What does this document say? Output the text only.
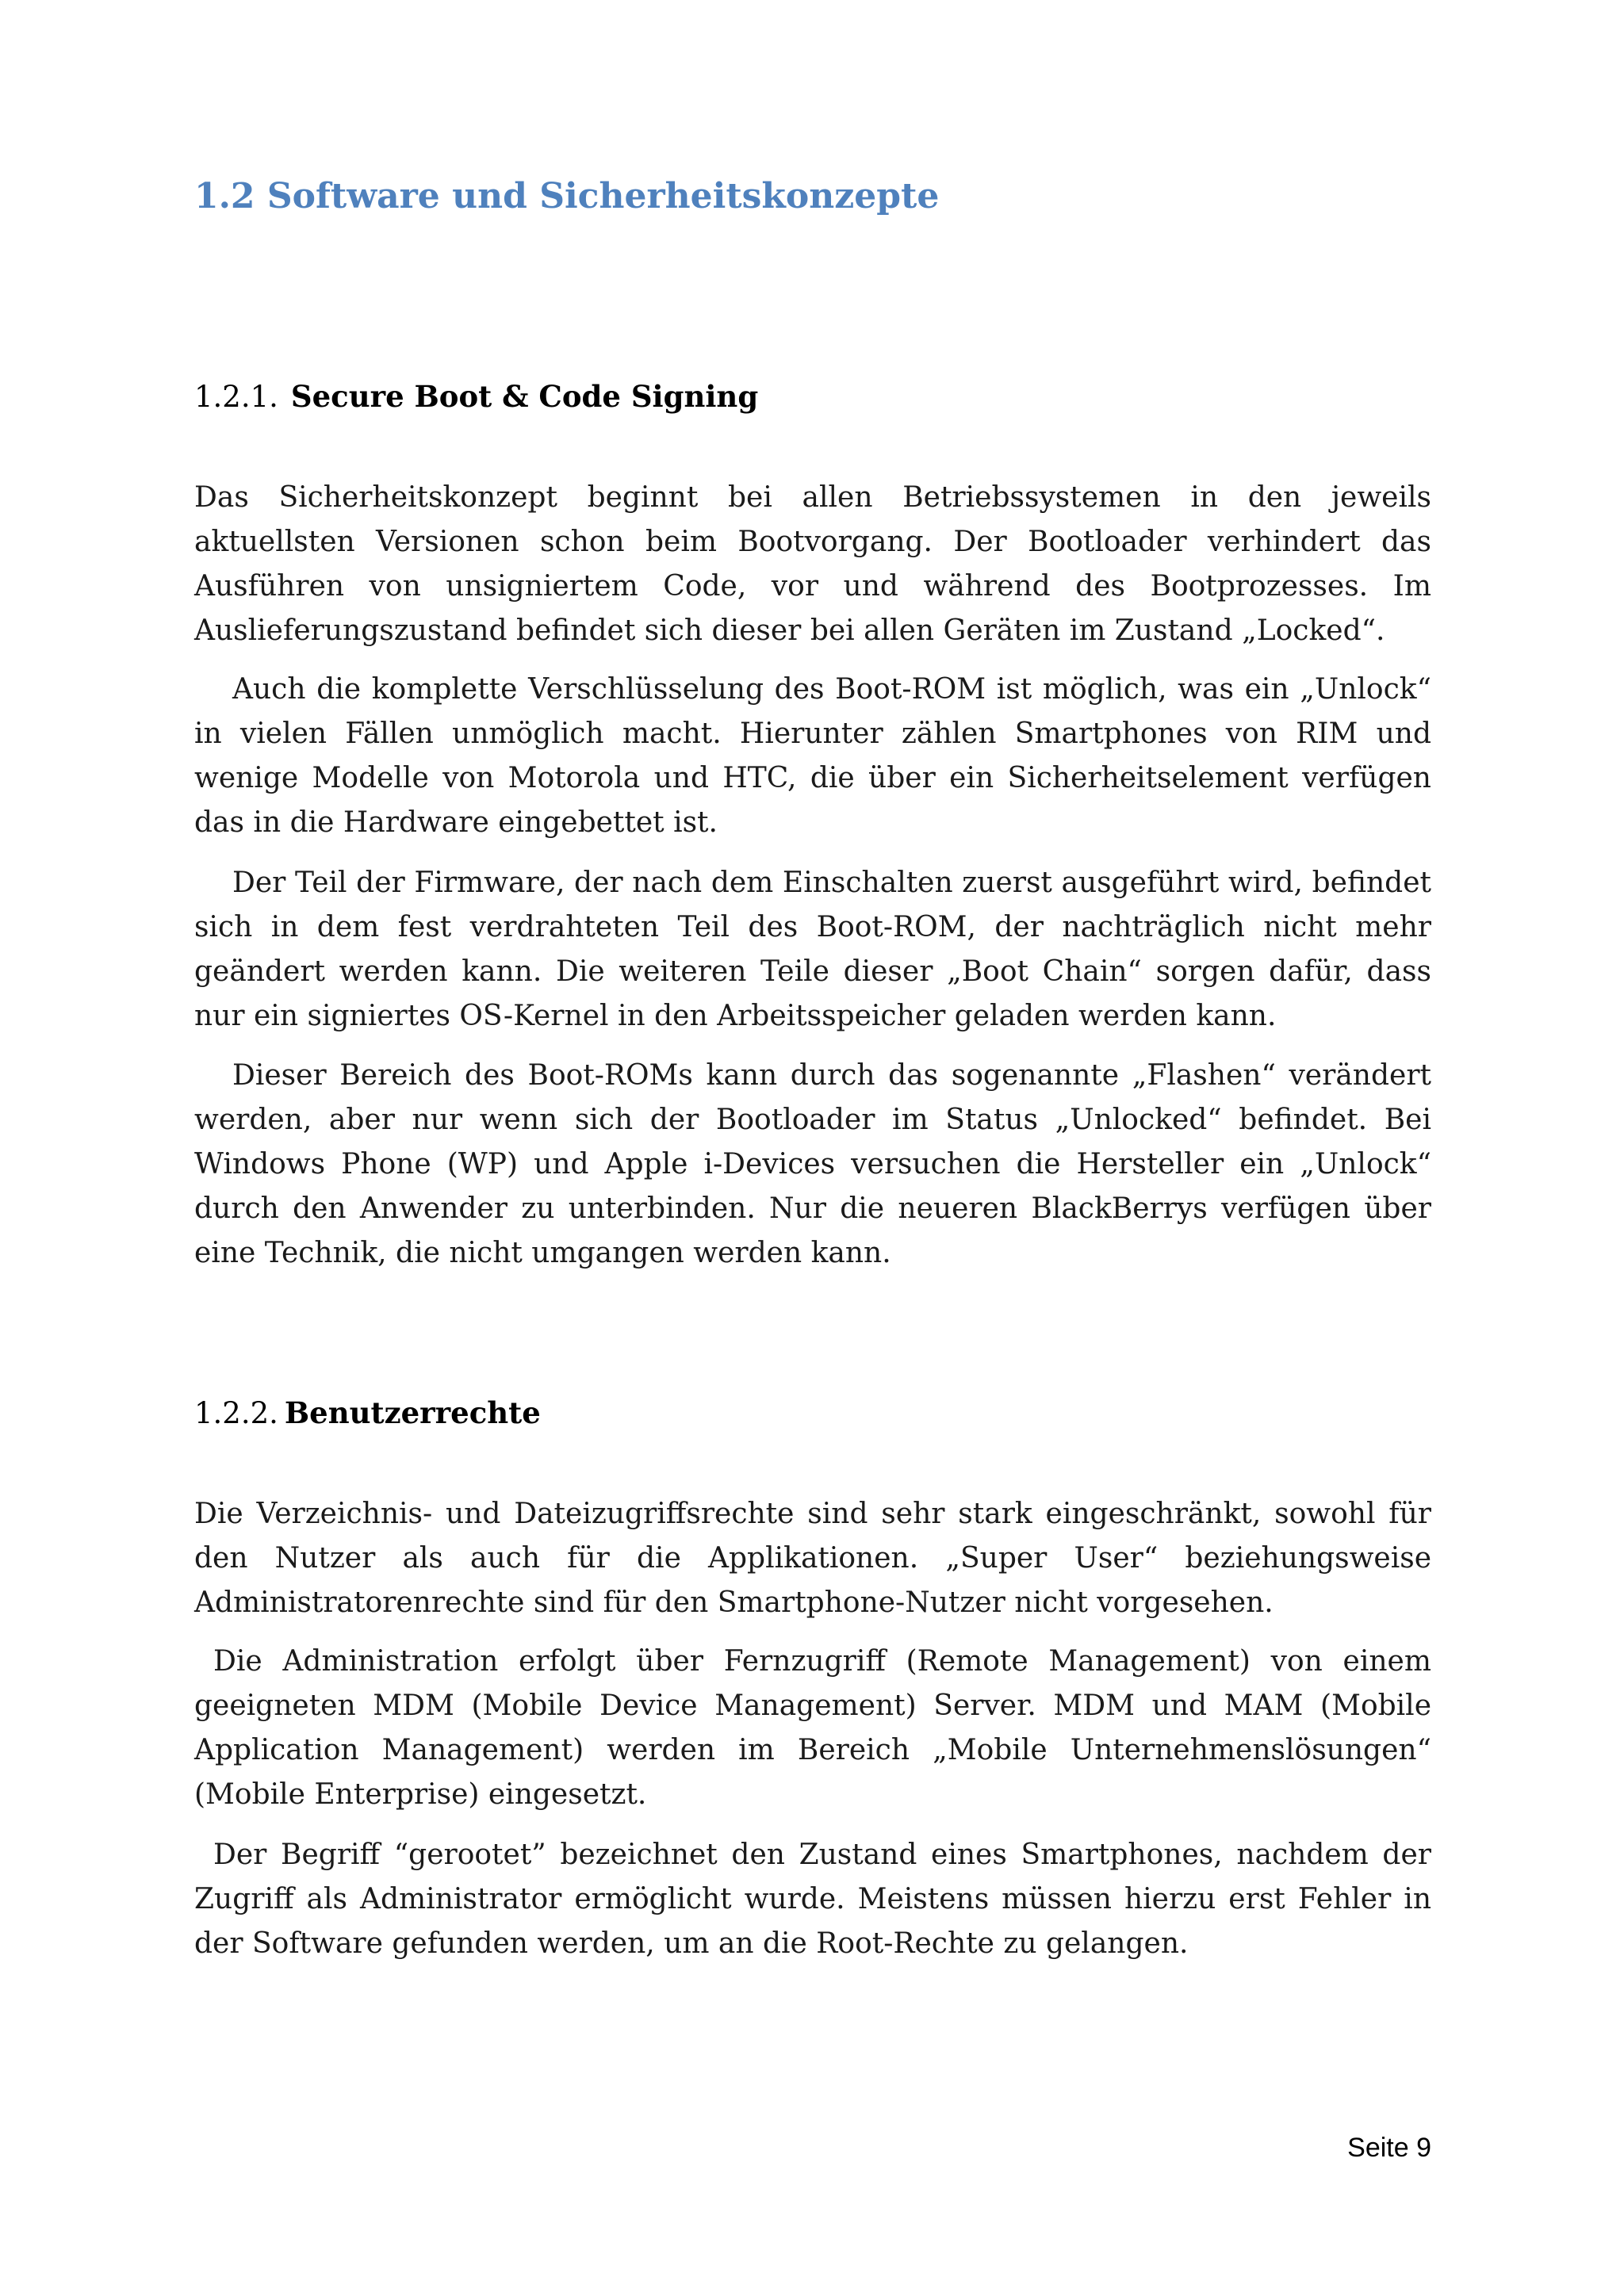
1.2 Software und Sicherheitskonzepte
1.2.1. Secure Boot & Code Signing

Das Sicherheitskonzept beginnt bei allen Betriebssystemen in den jeweils aktuellsten Versionen schon beim Bootvorgang. Der Bootloader verhindert das Ausführen von unsigniertem Code, vor und während des Bootprozesses. Im Auslieferungszustand befindet sich dieser bei allen Geräten im Zustand „Locked“.

Auch die komplette Verschlüsselung des Boot-ROM ist möglich, was ein „Unlock“ in vielen Fällen unmöglich macht. Hierunter zählen Smartphones von RIM und wenige Modelle von Motorola und HTC, die über ein Sicherheitselement verfügen das in die Hardware eingebettet ist.

Der Teil der Firmware, der nach dem Einschalten zuerst ausgeführt wird, befindet sich in dem fest verdrahteten Teil des Boot-ROM, der nachträglich nicht mehr geändert werden kann. Die weiteren Teile dieser „Boot Chain“ sorgen dafür, dass nur ein signiertes OS-Kernel in den Arbeitsspeicher geladen werden kann.

Dieser Bereich des Boot-ROMs kann durch das sogenannte „Flashen“ verändert werden, aber nur wenn sich der Bootloader im Status „Unlocked“ befindet. Bei Windows Phone (WP) und Apple i-Devices versuchen die Hersteller ein „Unlock“ durch den Anwender zu unterbinden. Nur die neueren BlackBerrys verfügen über eine Technik, die nicht umgangen werden kann.

1.2.2. Benutzerrechte

Die Verzeichnis- und Dateizugriffsrechte sind sehr stark eingeschränkt, sowohl für den Nutzer als auch für die Applikationen. „Super User“ beziehungsweise Administratorenrechte sind für den Smartphone-Nutzer nicht vorgesehen.

Die Administration erfolgt über Fernzugriff (Remote Management) von einem geeigneten MDM (Mobile Device Management) Server. MDM und MAM (Mobile Application Management) werden im Bereich „Mobile Unternehmenslösungen“ (Mobile Enterprise) eingesetzt.

Der Begriff “gerootet” bezeichnet den Zustand eines Smartphones, nachdem der Zugriff als Administrator ermöglicht wurde. Meistens müssen hierzu erst Fehler in der Software gefunden werden, um an die Root-Rechte zu gelangen.

Seite 9
